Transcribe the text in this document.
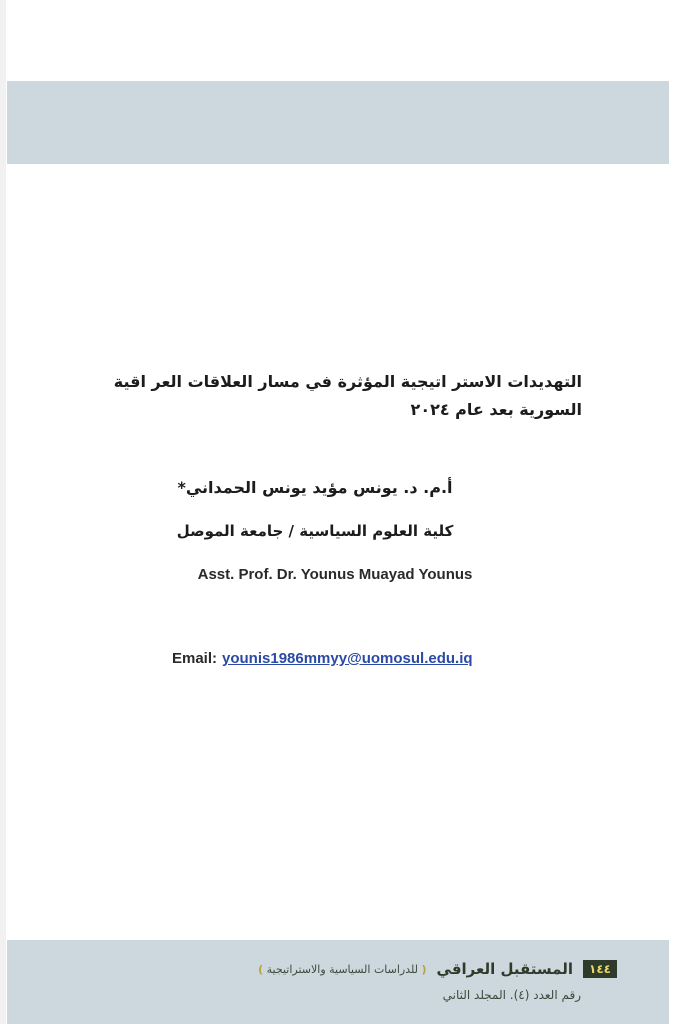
التهديدات الاستر اتيجية المؤثرة في مسار العلاقات العر اقية السورية بعد عام ٢٠٢٤
أ.م. د. يونس مؤيد يونس الحمداني*
كلية العلوم السياسية / جامعة الموصل
Asst. Prof. Dr. Younus Muayad Younus
Email: younis1986mmyy@uomosul.edu.iq
١٤٤
المستقبل العراقي
( للدراسات السياسية والاستراتيجية )
رقم العدد (٤). المجلد الثاني
